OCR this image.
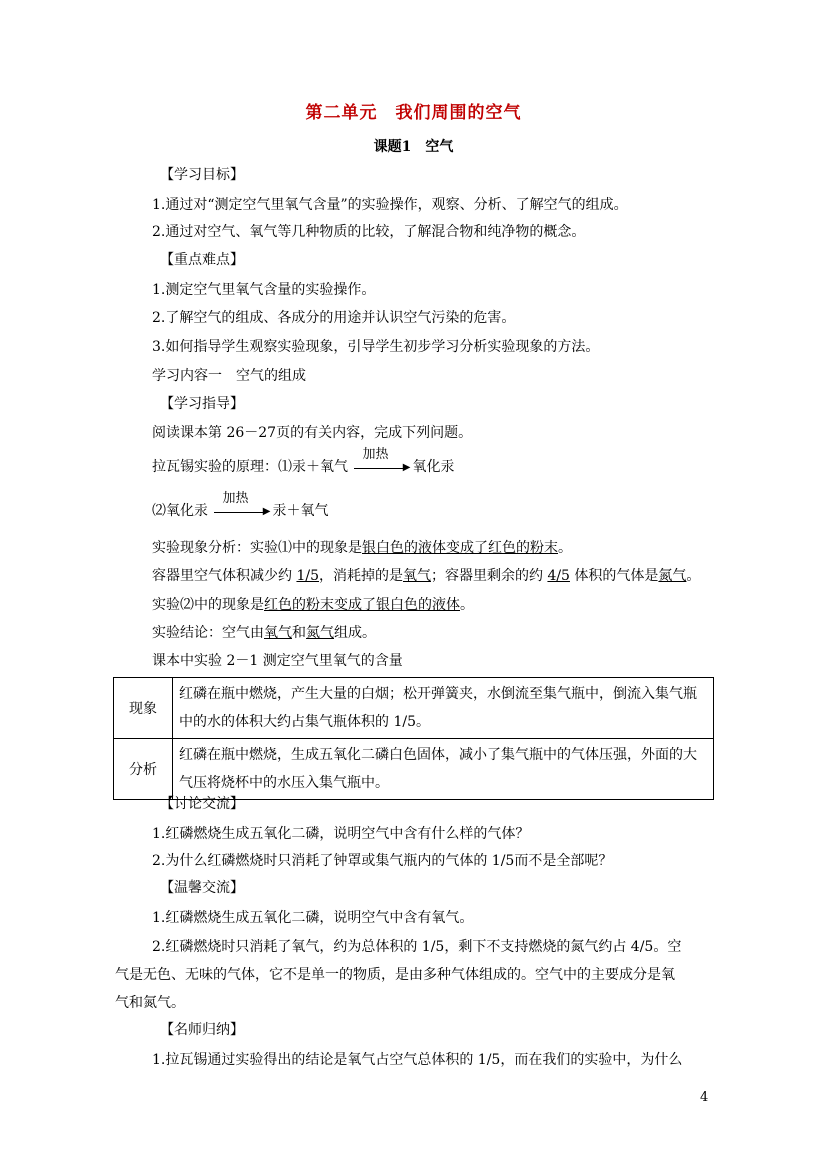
第二单元　我们周围的空气
课题1　空气
【学习目标】
1.通过对“测定空气里氧气含量”的实验操作，观察、分析、了解空气的组成。
2.通过对空气、氧气等几种物质的比较，了解混合物和纯净物的概念。
【重点难点】
1.测定空气里氧气含量的实验操作。
2.了解空气的组成、各成分的用途并认识空气污染的危害。
3.如何指导学生观察实验现象，引导学生初步学习分析实验现象的方法。
学习内容一　空气的组成
【学习指导】
阅读课本第 26－27页的有关内容，完成下列问题。
拉瓦锡实验的原理：⑴汞＋氧气
加热
▶ 氧化汞
⑵氧化汞
加热
▶ 汞＋氧气
实验现象分析：实验⑴中的现象是银白色的液体变成了红色的粉末。
容器里空气体积减少约 1/5，消耗掉的是氧气；容器里剩余的约 4/5 体积的气体是氮气。
实验⑵中的现象是红色的粉末变成了银白色的液体。
实验结论：空气由氧气和氮气组成。
课本中实验 2－1 测定空气里氧气的含量
现象	红磷在瓶中燃烧，产生大量的白烟；松开弹簧夹，水倒流至集气瓶中，倒流入集气瓶中的水的体积大约占集气瓶体积的 1/5。
分析	红磷在瓶中燃烧，生成五氧化二磷白色固体，减小了集气瓶中的气体压强，外面的大气压将烧杯中的水压入集气瓶中。
【讨论交流】
1.红磷燃烧生成五氧化二磷，说明空气中含有什么样的气体？
2.为什么红磷燃烧时只消耗了钟罩或集气瓶内的气体的 1/5而不是全部呢？
【温馨交流】
1.红磷燃烧生成五氧化二磷，说明空气中含有氧气。
2.红磷燃烧时只消耗了氧气，约为总体积的 1/5，剩下不支持燃烧的氮气约占 4/5。空
气是无色、无味的气体，它不是单一的物质，是由多种气体组成的。空气中的主要成分是氧
气和氮气。
【名师归纳】
1.拉瓦锡通过实验得出的结论是氧气占空气总体积的 1/5，而在我们的实验中，为什么
4
